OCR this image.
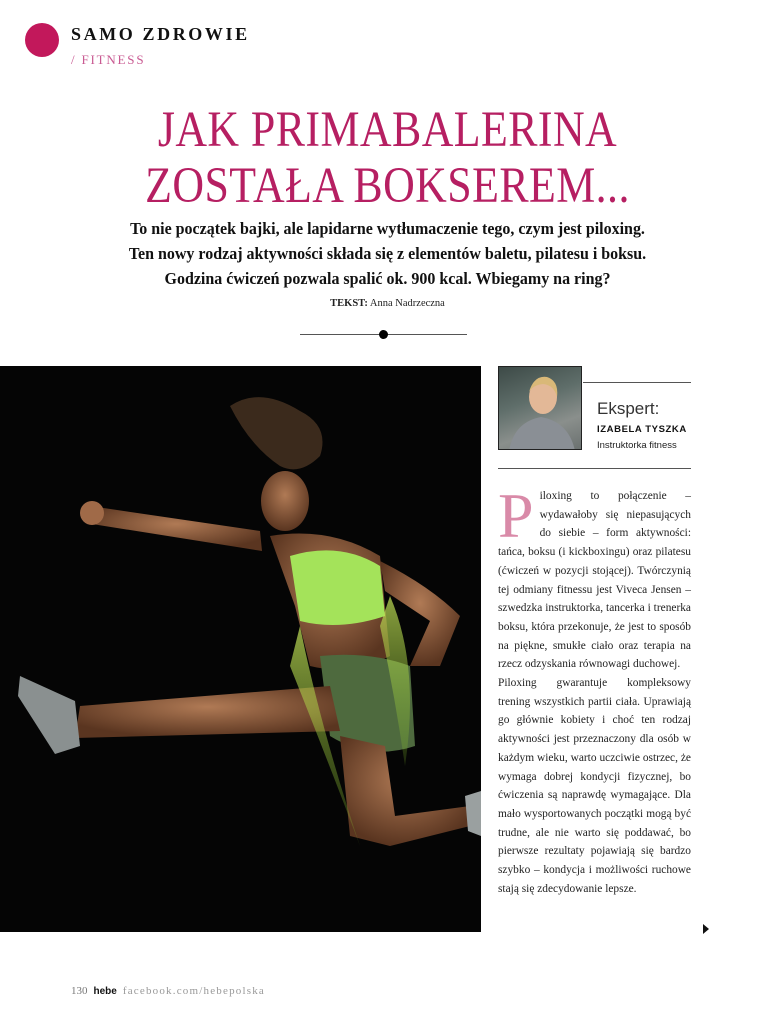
SAMO ZDROWIE
/ FITNESS
JAK PRIMABALERINA
ZOSTAŁA BOKSEREM...
To nie początek bajki, ale lapidarne wytłumaczenie tego, czym jest piloxing.
Ten nowy rodzaj aktywności składa się z elementów baletu, pilatesu i boksu.
Godzina ćwiczeń pozwala spalić ok. 900 kcal. Wbiegamy na ring?
TEKST: Anna Nadrzeczna
Ekspert:
IZABELA TYSZKA
Instruktorka fitness

Piloxing to połączenie – wydawałoby się niepasujących do siebie – form aktywności: tańca, boksu (i kickboxingu) oraz pilatesu (ćwiczeń w pozycji stojącej). Twórczynią tej odmiany fitnessu jest Viveca Jensen – szwedzka instruktorka, tancerka i trenerka boksu, która przekonuje, że jest to sposób na piękne, smukłe ciało oraz terapia na rzecz odzyskania równowagi duchowej.

Piloxing gwarantuje kompleksowy trening wszystkich partii ciała. Uprawiają go głównie kobiety i choć ten rodzaj aktywności jest przeznaczony dla osób w każdym wieku, warto uczciwie ostrzec, że wymaga dobrej kondycji fizycznej, bo ćwiczenia są naprawdę wymagające. Dla mało wysportowanych początki mogą być trudne, ale nie warto się poddawać, bo pierwsze rezultaty pojawiają się bardzo szybko – kondycja i możliwości ruchowe stają się zdecydowanie lepsze.

130 hebe facebook.com/hebepolska
